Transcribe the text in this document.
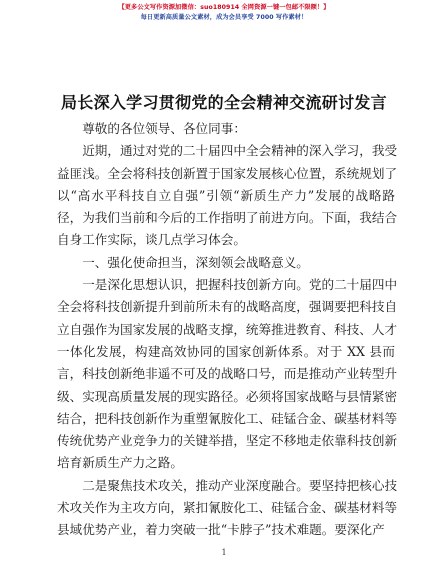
【更多公文写作资源加微信：suo180914 全网资源一键一包邮不限额！】
每日更新高质量公文素材，成为会员享受 7000 写作素材！
局长深入学习贯彻党的全会精神交流研讨发言

尊敬的各位领导、各位同事：

近期，通过对党的二十届四中全会精神的深入学习，我受
益匪浅。全会将科技创新置于国家发展核心位置，系统规划了
以“高水平科技自立自强”引领“新质生产力”发展的战略路
径，为我们当前和今后的工作指明了前进方向。下面，我结合
自身工作实际，谈几点学习体会。
一、强化使命担当，深刻领会战略意义。
一是深化思想认识，把握科技创新方向。党的二十届四中
全会将科技创新提升到前所未有的战略高度，强调要把科技自
立自强作为国家发展的战略支撑，统筹推进教育、科技、人才
一体化发展，构建高效协同的国家创新体系。对于 XX 县而
言，科技创新绝非遥不可及的战略口号，而是推动产业转型升
级、实现高质量发展的现实路径。必须将国家战略与县情紧密
结合，把科技创新作为重塑氰胺化工、硅锰合金、碳基材料等
传统优势产业竞争力的关键举措，坚定不移地走依靠科技创新
培育新质生产力之路。
二是聚焦技术攻关，推动产业深度融合。要坚持把核心技
术攻关作为主攻方向，紧扣氰胺化工、硅锰合金、碳基材料等
县域优势产业，着力突破一批“卡脖子”技术难题。要深化产
1
